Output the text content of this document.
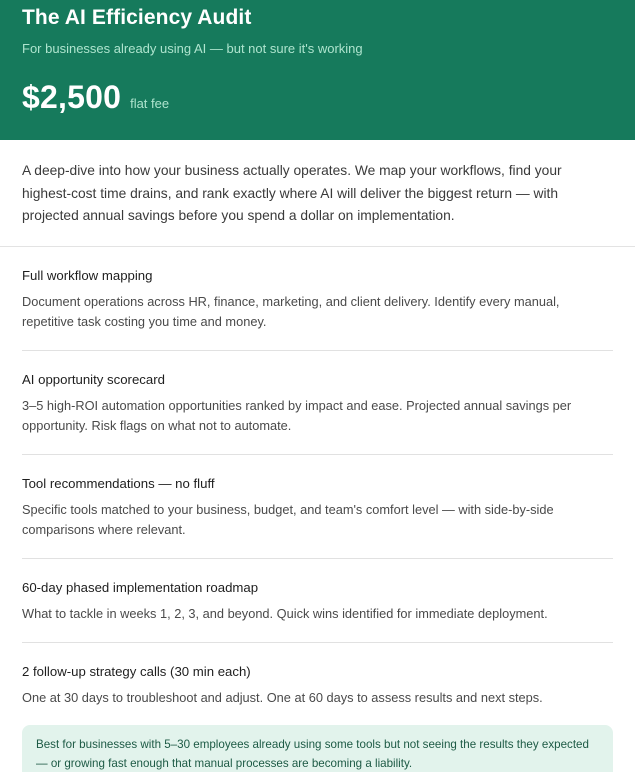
The AI Efficiency Audit
For businesses already using AI — but not sure it's working
$2,500 flat fee
A deep-dive into how your business actually operates. We map your workflows, find your highest-cost time drains, and rank exactly where AI will deliver the biggest return — with projected annual savings before you spend a dollar on implementation.
Full workflow mapping
Document operations across HR, finance, marketing, and client delivery. Identify every manual, repetitive task costing you time and money.
AI opportunity scorecard
3–5 high-ROI automation opportunities ranked by impact and ease. Projected annual savings per opportunity. Risk flags on what not to automate.
Tool recommendations — no fluff
Specific tools matched to your business, budget, and team's comfort level — with side-by-side comparisons where relevant.
60-day phased implementation roadmap
What to tackle in weeks 1, 2, 3, and beyond. Quick wins identified for immediate deployment.
2 follow-up strategy calls (30 min each)
One at 30 days to troubleshoot and adjust. One at 60 days to assess results and next steps.
Best for businesses with 5–30 employees already using some tools but not seeing the results they expected — or growing fast enough that manual processes are becoming a liability.
